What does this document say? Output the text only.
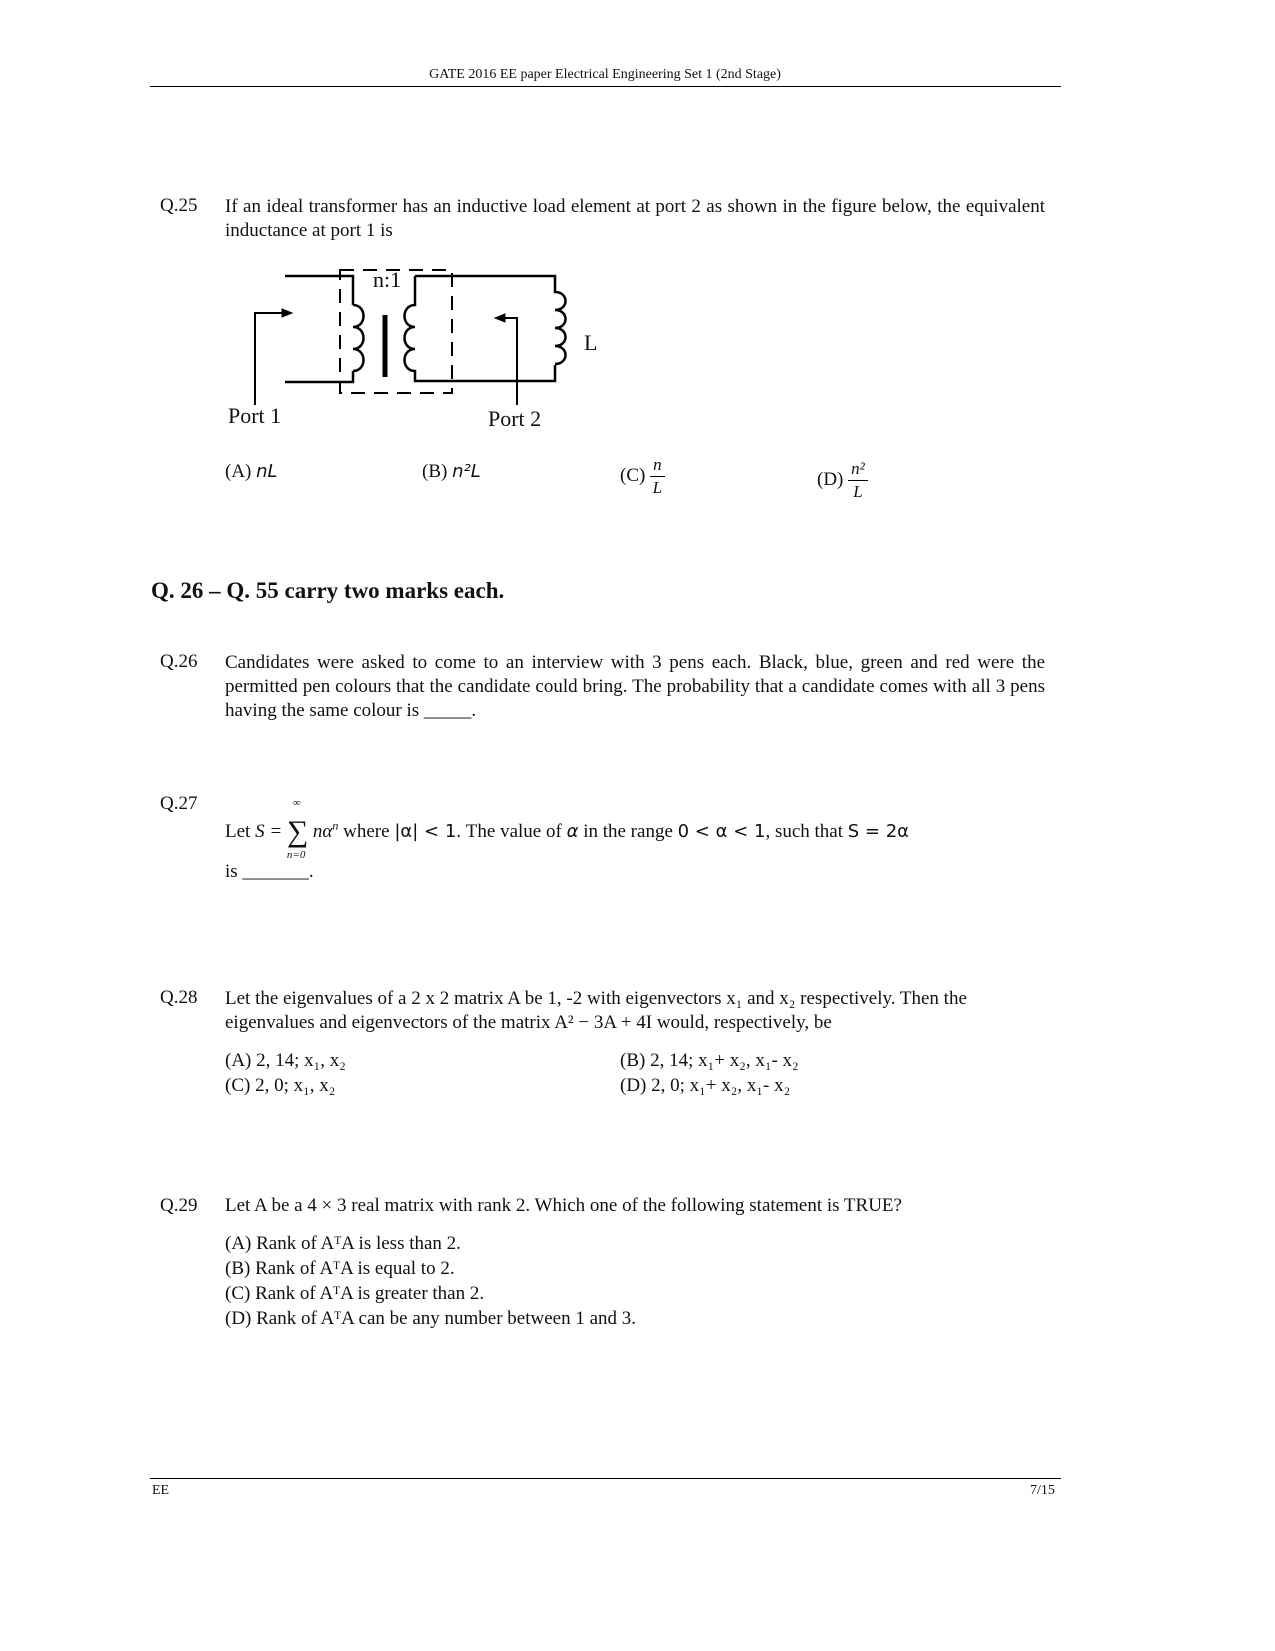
GATE 2016 EE paper Electrical Engineering Set 1 (2nd Stage)
Q.25 If an ideal transformer has an inductive load element at port 2 as shown in the figure below, the equivalent inductance at port 1 is
n:1
L
Port 1	Port 2
(A) nL	(B) n²L	$(C) \frac{n}{L}$	$(D) \frac{\text{n²}}{L}$
Q. 26 – Q. 55 carry two marks each.
Q.26 Candidates were asked to come to an interview with 3 pens each. Black, blue, green and red were the permitted pen colours that the candidate could bring. The probability that a candidate comes with all 3 pens having the same colour is _____.
Q.27
Let S = ∑
∞
n=0
$n\alpha^n$ where |α| < 1. The value of α in the range 0 < α < 1, such that S = 2α
is _______.
Q.28 Let the eigenvalues of a 2 x 2 matrix A be 1, -2 with eigenvectors x₁ and x₂ respectively. Then the
eigenvalues and eigenvectors of the matrix A² − 3A + 4I would, respectively, be
(A) 2, 14; x₁, x₂	(B) 2, 14; x₁+ x₂, x₁- x₂
(C) 2, 0; x₁, x₂	(D) 2, 0; x₁+ x₂, x₁- x₂
Q.29 Let A be a 4 × 3 real matrix with rank 2. Which one of the following statement is TRUE?
(A) Rank of AᵀA is less than 2.
(B) Rank of AᵀA is equal to 2.
(C) Rank of AᵀA is greater than 2.
(D) Rank of AᵀA can be any number between 1 and 3.
EE	7/15
